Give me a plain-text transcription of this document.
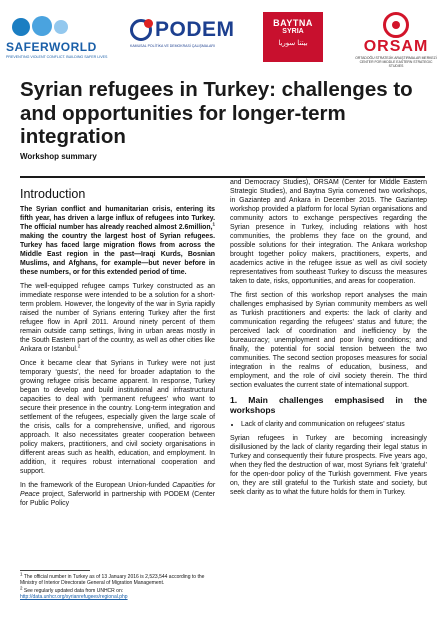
SAFERWORLD
PREVENTING VIOLENT CONFLICT. BUILDING SAFER LIVES
PODEM
KAMUSAL POLİTİKA VE DEMOKRASİ ÇALIŞMALARI
BAYTNA
SYRIA
بيتنا سوريا	ORSAM
ORTADOĞU STRATEJİK ARAŞTIRMALAR MERKEZİ
CENTER FOR MIDDLE EASTERN STRATEGIC STUDIES
Syrian refugees in Turkey: challenges to and opportunities for longer-term integration

Workshop summary

Introduction

The Syrian conflict and humanitarian crisis, entering its fifth year, has driven a large influx of refugees into Turkey. The official number has already reached almost 2.6million,$^1$ making the country the largest host of Syrian refugees. Turkey has faced large migration flows from across the Middle East region in the past—Iraqi Kurds, Bosnian Muslims, and Afghans, for example—but never before in these numbers, or for this extended period of time.

The well-equipped refugee camps Turkey constructed as an immediate response were intended to be a solution for a short-term problem. However, the longevity of the war in Syria rapidly raised the number of Syrians entering Turkey after the first refugee flow in April 2011. Around ninety percent of them remain outside camp settings, living in urban areas mostly in the South Eastern part of the country, as well as other cities like Ankara or Istanbul.$^2$

Once it became clear that Syrians in Turkey were not just temporary ‘guests’, the need for broader adaptation to the growing refugee crisis became apparent. In response, Turkey began to develop and build institutional and infrastructural capacities to deal with ‘permanent refugees’ who want to secure their presence in the country. Long-term integration and settlement of the refugees, especially given the large scale of the crisis, calls for a comprehensive, unified, and rigorous approach. It also necessitates greater cooperation between policy makers, practitioners, and civil society organisations in different areas such as health, education, and employment. In addition, it requires robust international cooperation and support.

In the framework of the European Union-funded Capacities for Peace project, Saferworld in partnership with PODEM (Center for Public Policy

and Democracy Studies), ORSAM (Center for Middle Eastern Strategic Studies), and Baytna Syria convened two workshops, in Gaziantep and Ankara in December 2015. The Gaziantep workshop provided a platform for local Syrian organisations and community actors to exchange perspectives regarding the Syrian presence in Turkey, including relations with host communities, the problems they face on the ground, and possible solutions for their integration. The Ankara workshop brought together policy makers, practitioners, experts, and academics active in the refugee issue as well as civil society representatives from southeast Turkey to discuss the measures taken to date, risks, opportunities, and areas for cooperation.

The first section of this workshop report analyses the main challenges emphasised by Syrian community members as well as Turkish practitioners and experts: the lack of clarity and communication regarding the refugees’ status and future; the perceived lack of coordination and inefficiency by the bureaucracy; unemployment and poor living conditions; and finally, the potential for social tension between the two communities. The second section proposes measures for social integration in the realms of education, business, and employment, and the role of civil society therein. The third section evaluates the current state of international support.

1. Main challenges emphasised in the workshops
• Lack of clarity and communication on refugees’ status

Syrian refugees in Turkey are becoming increasingly disillusioned by the lack of clarity regarding their legal status in Turkey and consequently their future prospects. Five years ago, when they fled the destruction of war, most Syrians felt ‘grateful’ for the open-door policy of the Turkish government. Five years on, they are still grateful to the Turkish state and society, but seek clarity as to what the future holds for them in Turkey.

$^1$ The official number in Turkey as of 13 January 2016 is 2,523,544 according to the Ministry of Interior Directorate General of Migration Management.

$^2$ See regularly updated data from UNHCR on:
http://data.unhcr.org/syrianrefugees/regional.php
